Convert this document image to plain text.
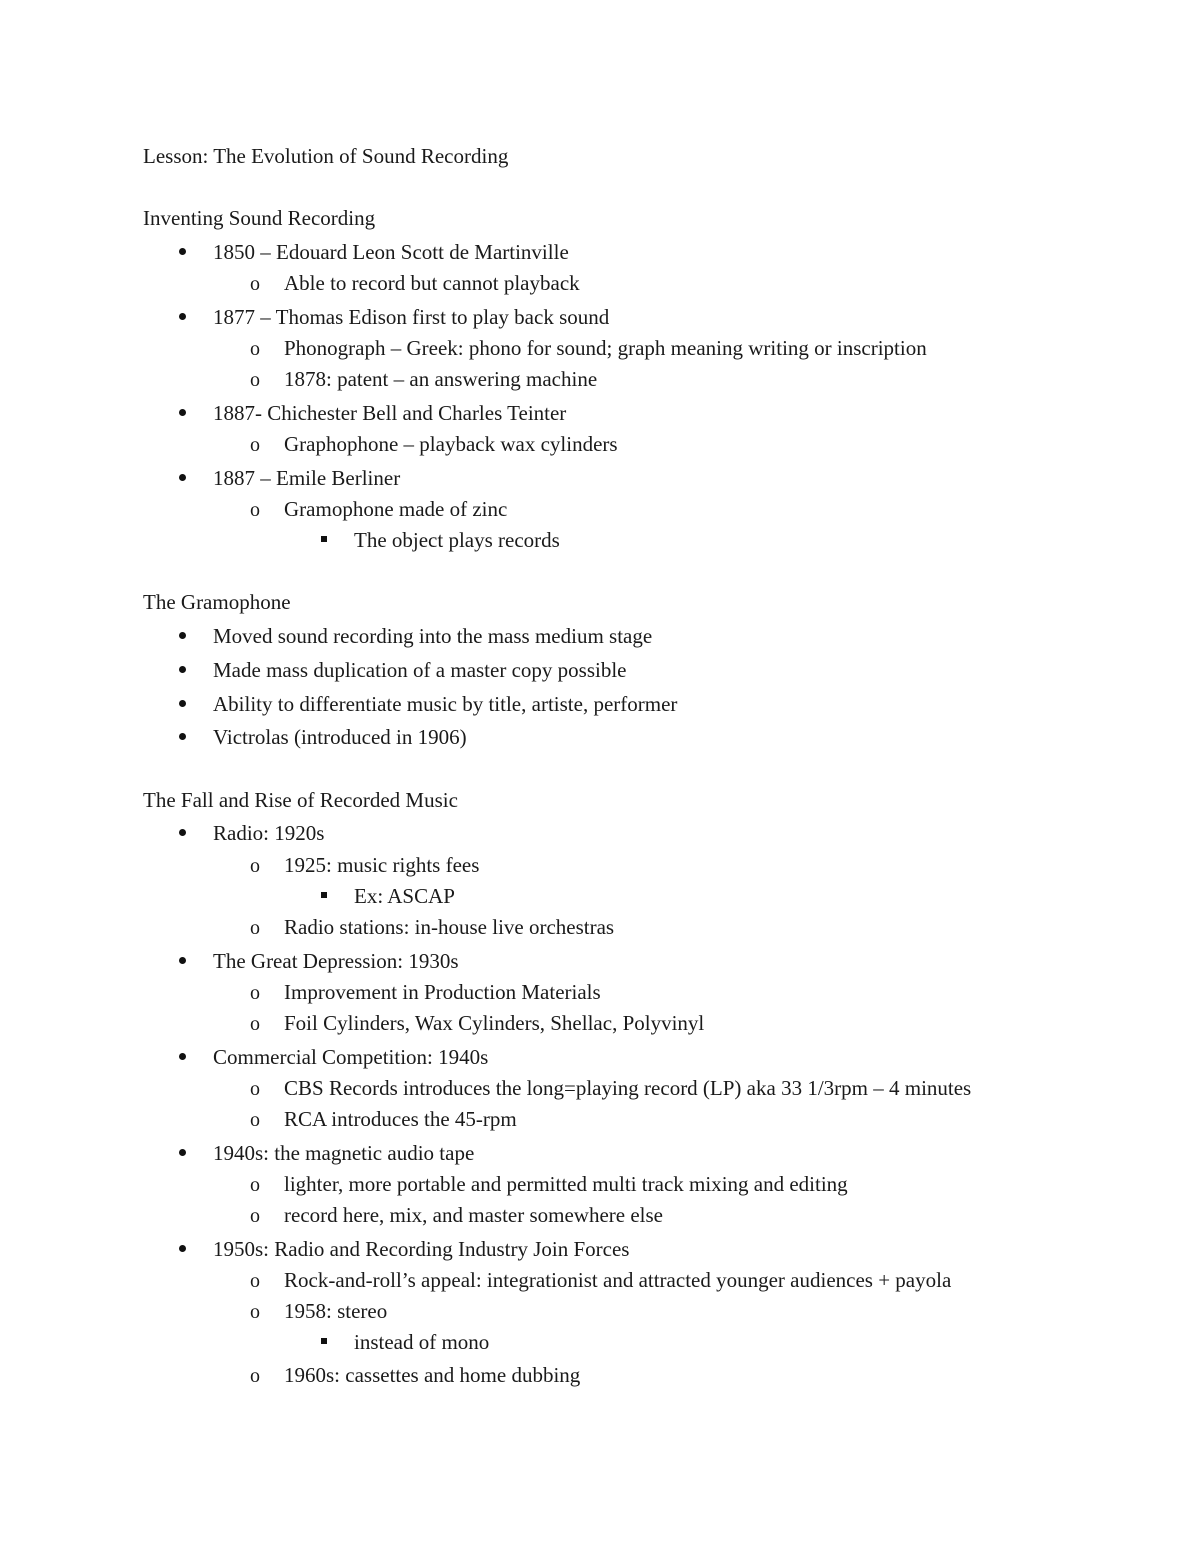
Lesson: The Evolution of Sound Recording
Inventing Sound Recording
1850 – Edouard Leon Scott de Martinville
o Able to record but cannot playback
1877 – Thomas Edison first to play back sound
o Phonograph – Greek: phono for sound; graph meaning writing or inscription
o 1878: patent – an answering machine
1887- Chichester Bell and Charles Teinter
o Graphophone – playback wax cylinders
1887 – Emile Berliner
o Gramophone made of zinc
The object plays records
The Gramophone
Moved sound recording into the mass medium stage
Made mass duplication of a master copy possible
Ability to differentiate music by title, artiste, performer
Victrolas (introduced in 1906)
The Fall and Rise of Recorded Music
Radio: 1920s
o 1925: music rights fees
Ex: ASCAP
o Radio stations: in-house live orchestras
The Great Depression: 1930s
o Improvement in Production Materials
o Foil Cylinders, Wax Cylinders, Shellac, Polyvinyl
Commercial Competition: 1940s
o CBS Records introduces the long=playing record (LP) aka 33 1/3rpm – 4 minutes
o RCA introduces the 45-rpm
1940s: the magnetic audio tape
o lighter, more portable and permitted multi track mixing and editing
o record here, mix, and master somewhere else
1950s: Radio and Recording Industry Join Forces
o Rock-and-roll’s appeal: integrationist and attracted younger audiences + payola
o 1958: stereo
instead of mono
o 1960s: cassettes and home dubbing
